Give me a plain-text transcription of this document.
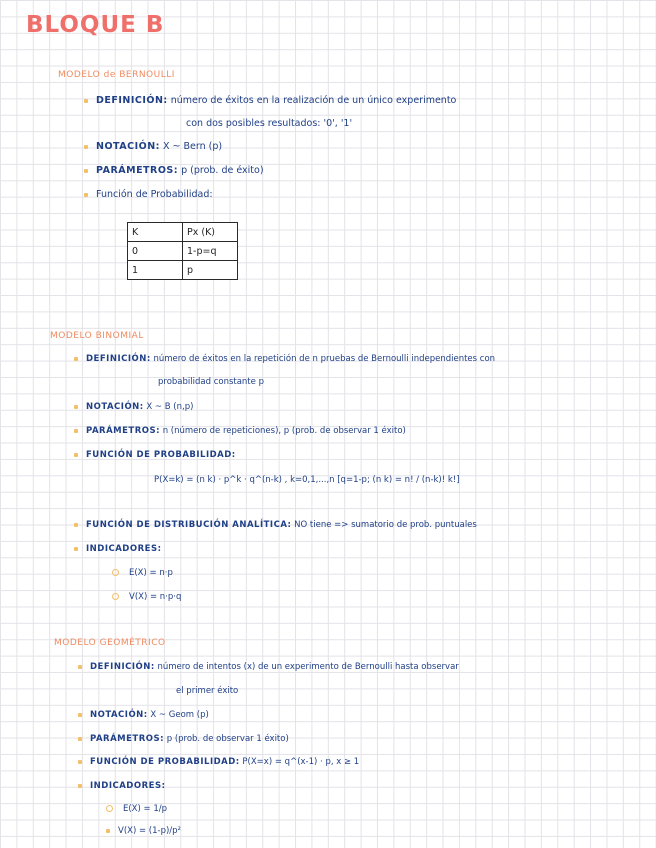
BLOQUE B
MODELO de BERNOULLI
DEFINICIÓN: número de éxitos en la realización de un único experimento
con dos posibles resultados: '0', '1'
NOTACIÓN: X ~ Bern (p)
PARÁMETROS: p (prob. de éxito)
Función de Probabilidad:
K	Px (K)
0	1-p=q
1	p
MODELO BINOMIAL
DEFINICIÓN: número de éxitos en la repetición de n pruebas de Bernoulli independientes con
probabilidad constante p
NOTACIÓN: X ~ B (n,p)
PARÁMETROS: n (número de repeticiones), p (prob. de observar 1 éxito)
FUNCIÓN DE PROBABILIDAD:
P(X=k) = (n k) · p^k · q^(n-k) , k=0,1,...,n [q=1-p; (n k) = n! / (n-k)! k!]
FUNCIÓN DE DISTRIBUCIÓN ANALÍTICA: NO tiene => sumatorio de prob. puntuales
INDICADORES:
E(X) = n·p
V(X) = n·p·q
MODELO GEOMÉTRICO
DEFINICIÓN: número de intentos (x) de un experimento de Bernoulli hasta observar
el primer éxito
NOTACIÓN: X ~ Geom (p)
PARÁMETROS: p (prob. de observar 1 éxito)
FUNCIÓN DE PROBABILIDAD: P(X=x) = q^(x-1) · p, x ≥ 1
INDICADORES:
E(X) = 1/p
V(X) = (1-p)/p²
